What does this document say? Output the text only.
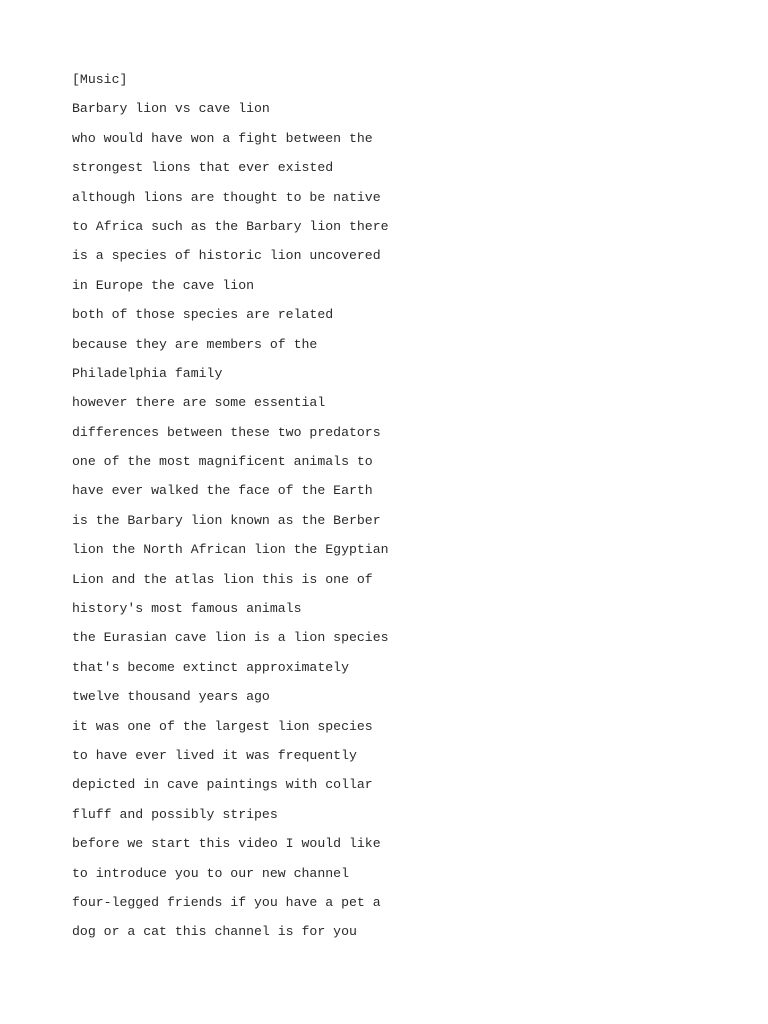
[Music]
Barbary lion vs cave lion
who would have won a fight between the
strongest lions that ever existed
although lions are thought to be native
to Africa such as the Barbary lion there
is a species of historic lion uncovered
in Europe the cave lion
both of those species are related
because they are members of the
Philadelphia family
however there are some essential
differences between these two predators
one of the most magnificent animals to
have ever walked the face of the Earth
is the Barbary lion known as the Berber
lion the North African lion the Egyptian
Lion and the atlas lion this is one of
history's most famous animals
the Eurasian cave lion is a lion species
that's become extinct approximately
twelve thousand years ago
it was one of the largest lion species
to have ever lived it was frequently
depicted in cave paintings with collar
fluff and possibly stripes
before we start this video I would like
to introduce you to our new channel
four-legged friends if you have a pet a
dog or a cat this channel is for you
